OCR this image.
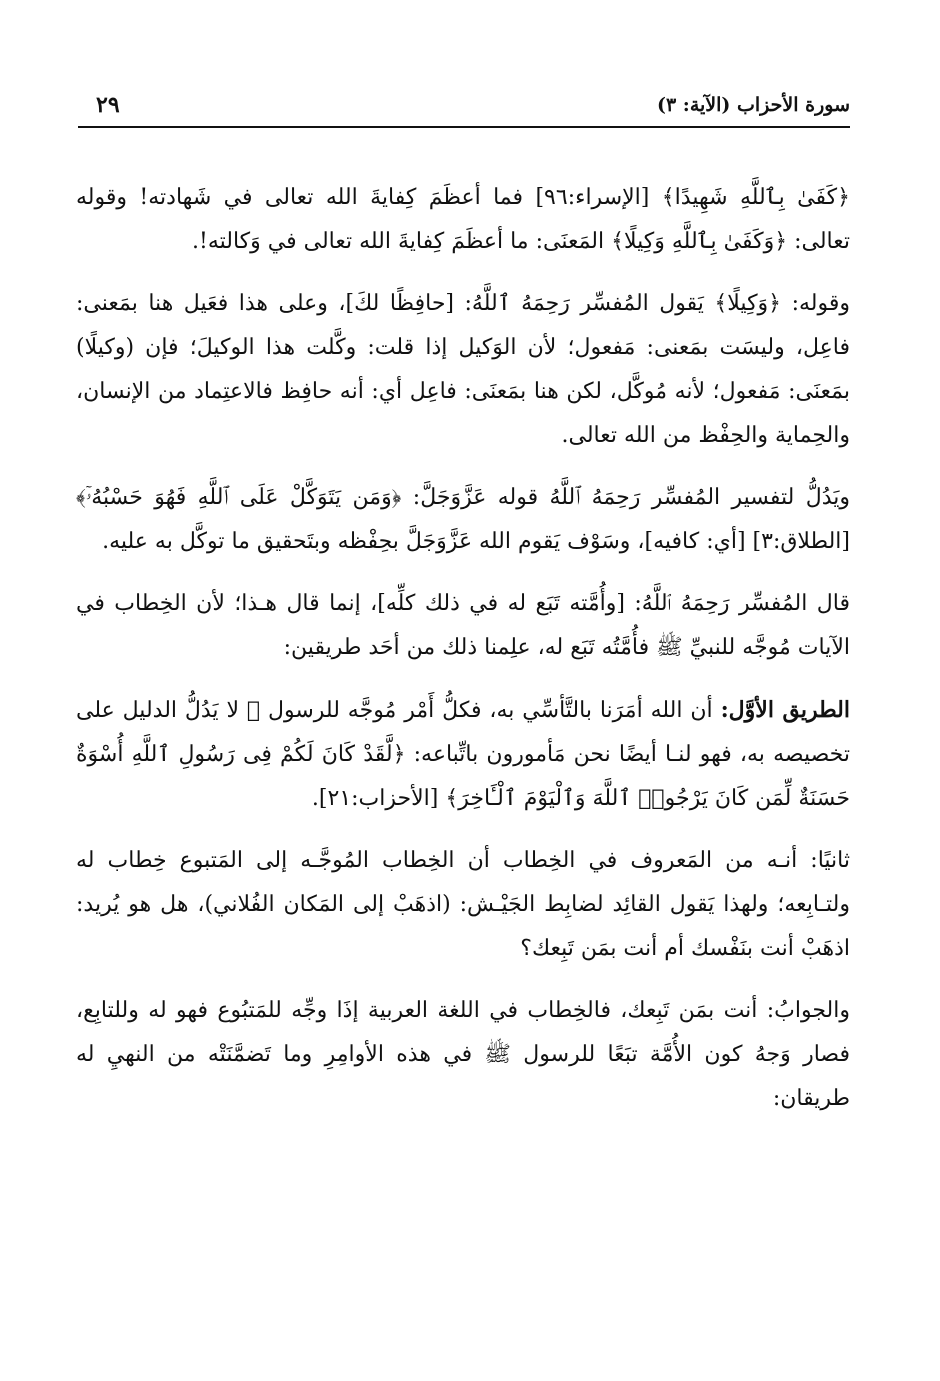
سورة الأحزاب (الآية: ٣)
٢٩

﴿كَفَىٰ بِٱللَّهِ شَهِيدًا﴾ [الإسراء:٩٦] فما أعظَمَ كِفايةَ الله تعالى في شَهادته! وقوله تعالى: ﴿وَكَفَىٰ بِٱللَّهِ وَكِيلًا﴾ المَعنَى: ما أعظَمَ كِفايةَ الله تعالى في وَكالته!.

وقوله: ﴿وَكِيلًا﴾ يَقول المُفسِّر رَحِمَهُ ٱللَّهُ: [حافِظًا لكَ]، وعلى هذا فعَيل هنا بمَعنى: فاعِل، وليسَت بمَعنى: مَفعول؛ لأن الوَكيل إذا قلت: وكَّلت هذا الوكيلَ؛ فإن (وكيلًا) بمَعنَى: مَفعول؛ لأنه مُوكَّل، لكن هنا بمَعنَى: فاعِل أي: أنه حافِظ فالاعتِماد من الإنسان، والحِماية والحِفْظ من الله تعالى.

ويَدُلُّ لتفسير المُفسِّر رَحِمَهُ ٱللَّهُ قوله عَزَّوَجَلَّ: ﴿وَمَن يَتَوَكَّلْ عَلَى ٱللَّهِ فَهُوَ حَسْبُهُۥٓ﴾ [الطلاق:٣] [أي: كافيه]، وسَوْف يَقوم الله عَزَّوَجَلَّ بحِفْظه وبتَحقيق ما توكَّل به عليه.

قال المُفسِّر رَحِمَهُ ٱللَّهُ: [وأُمَّته تَبَع له في ذلك كلِّه]، إنما قال هـذا؛ لأن الخِطاب في الآيات مُوجَّه للنبيِّ ﷺ فأُمَّتُه تَبَع له، علِمنا ذلك من أحَد طريقين:

الطريق الأوَّل: أن الله أمَرَنا بالتَّأسِّي به، فكلُّ أَمْر مُوجَّه للرسول ﷺ لا يَدُلُّ الدليل على تخصيصه به، فهو لنـا أيضًا نحن مَأمورون باتِّباعه: ﴿لَّقَدْ كَانَ لَكُمْ فِى رَسُولِ ٱللَّهِ أُسْوَةٌ حَسَنَةٌ لِّمَن كَانَ يَرْجُوا۟ ٱللَّهَ وَٱلْيَوْمَ ٱلْـَٔاخِرَ﴾ [الأحزاب:٢١].

ثانيًا: أنـه من المَعروف في الخِطاب أن الخِطاب المُوجَّـه إلى المَتبوع خِطاب له ولتـابِعه؛ ولهذا يَقول القائِد لضابِط الجَيْـش: (اذهَبْ إلى المَكان الفُلاني)، هل هو يُريد: اذهَبْ أنت بنَفْسك أم أنت بمَن تَبِعك؟

والجوابُ: أنت بمَن تَبِعك، فالخِطاب في اللغة العربية إذَا وجِّه للمَتبُوع فهو له وللتابِع، فصار وَجهُ كون الأُمَّة تبَعًا للرسول ﷺ في هذه الأوامِرِ وما تَضمَّنَتْه من النهيِ له طريقان:
